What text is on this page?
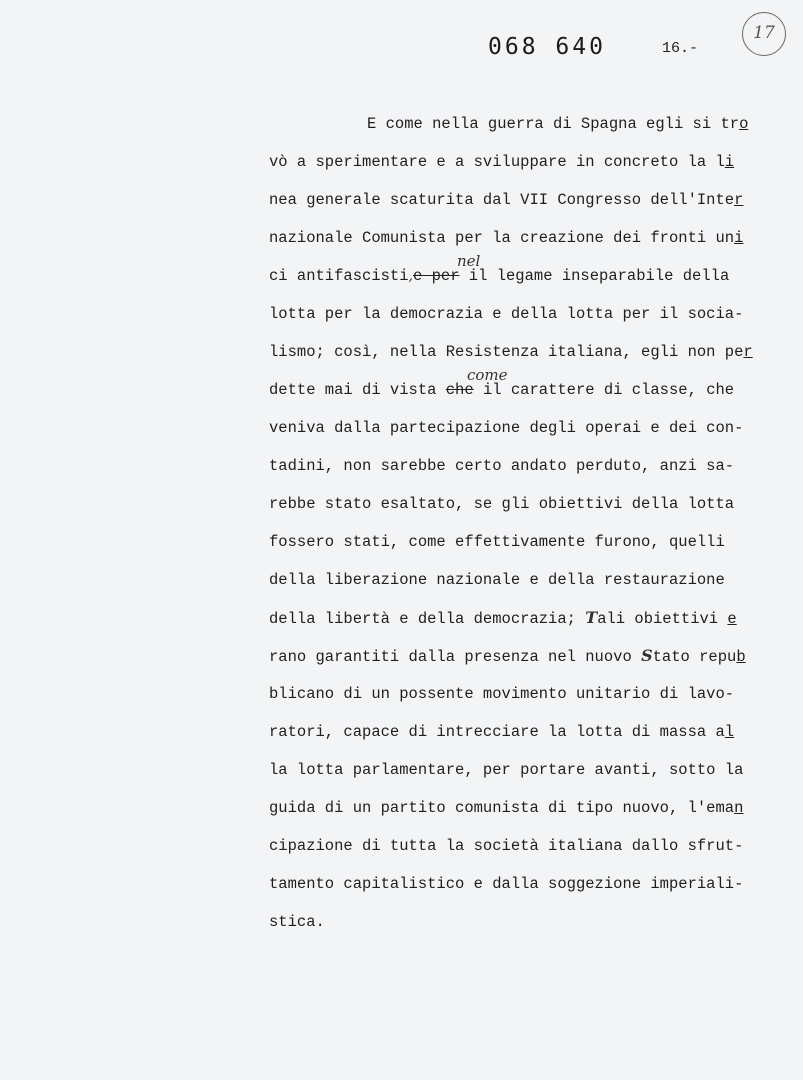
068 640	16.-
17
E come nella guerra di Spagna egli si tro
vò a sperimentare e a sviluppare in concreto la li
nea generale scaturita dal VII Congresso dell'Inter
nazionale Comunista per la creazione dei fronti uni
ci antifascisti,e per il legame inseparabile della
nel
lotta per la democrazia e della lotta per il socia-
lismo; così, nella Resistenza italiana, egli non per
dette mai di vista che il carattere di classe, che
come
veniva dalla partecipazione degli operai e dei con-
tadini, non sarebbe certo andato perduto, anzi sa-
rebbe stato esaltato, se gli obiettivi della lotta
fossero stati, come effettivamente furono, quelli
della liberazione nazionale e della restaurazione
della libertà e della democrazia; Tali obiettivi e
rano garantiti dalla presenza nel nuovo Stato repub
blicano di un possente movimento unitario di lavo-
ratori, capace di intrecciare la lotta di massa al
la lotta parlamentare, per portare avanti, sotto la
guida di un partito comunista di tipo nuovo, l'eman
cipazione di tutta la società italiana dallo sfrut-
tamento capitalistico e dalla soggezione imperiali-
stica.
